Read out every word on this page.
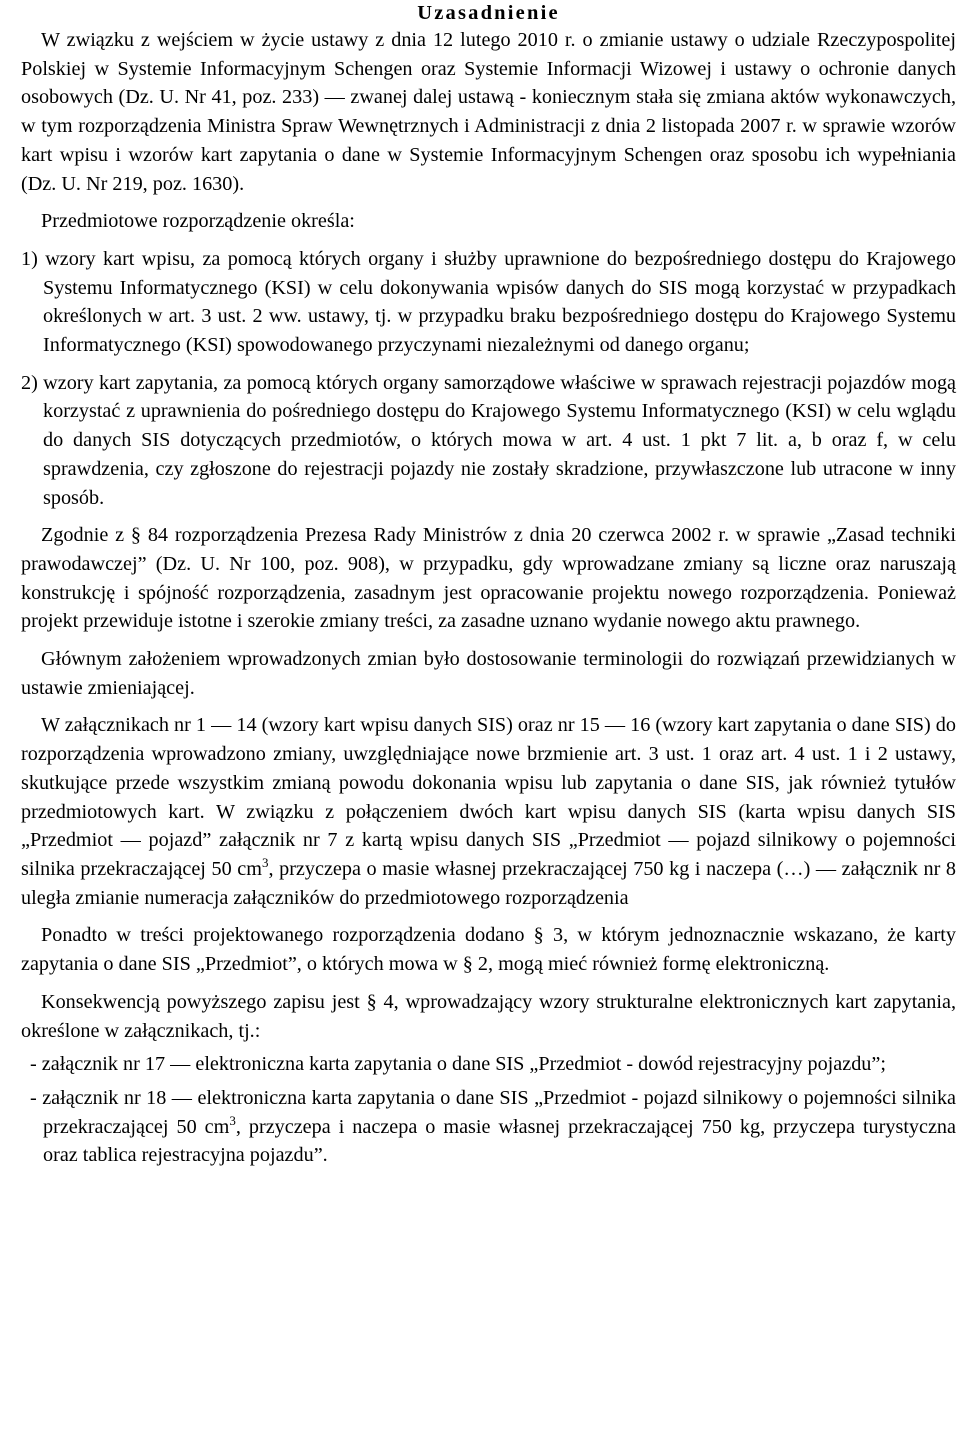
Uzasadnienie

W związku z wejściem w życie ustawy z dnia 12 lutego 2010 r. o zmianie ustawy o udziale Rzeczypospolitej Polskiej w Systemie Informacyjnym Schengen oraz Systemie Informacji Wizowej i ustawy o ochronie danych osobowych (Dz. U. Nr 41, poz. 233) ― zwanej dalej ustawą - koniecznym stała się zmiana aktów wykonawczych, w tym rozporządzenia Ministra Spraw Wewnętrznych i Administracji z dnia 2 listopada 2007 r. w sprawie wzorów kart wpisu i wzorów kart zapytania o dane w Systemie Informacyjnym Schengen oraz sposobu ich wypełniania (Dz. U. Nr 219, poz. 1630).

Przedmiotowe rozporządzenie określa:

1) wzory kart wpisu, za pomocą których organy i służby uprawnione do bezpośredniego dostępu do Krajowego Systemu Informatycznego (KSI) w celu dokonywania wpisów danych do SIS mogą korzystać w przypadkach określonych w art. 3 ust. 2 ww. ustawy, tj. w przypadku braku bezpośredniego dostępu do Krajowego Systemu Informatycznego (KSI) spowodowanego przyczynami niezależnymi od danego organu;

2) wzory kart zapytania, za pomocą których organy samorządowe właściwe w sprawach rejestracji pojazdów mogą korzystać z uprawnienia do pośredniego dostępu do Krajowego Systemu Informatycznego (KSI) w celu wglądu do danych SIS dotyczących przedmiotów, o których mowa w art. 4 ust. 1 pkt 7 lit. a, b oraz f, w celu sprawdzenia, czy zgłoszone do rejestracji pojazdy nie zostały skradzione, przywłaszczone lub utracone w inny sposób.

Zgodnie z § 84 rozporządzenia Prezesa Rady Ministrów z dnia 20 czerwca 2002 r. w sprawie „Zasad techniki prawodawczej” (Dz. U. Nr 100, poz. 908), w przypadku, gdy wprowadzane zmiany są liczne oraz naruszają konstrukcję i spójność rozporządzenia, zasadnym jest opracowanie projektu nowego rozporządzenia. Ponieważ projekt przewiduje istotne i szerokie zmiany treści, za zasadne uznano wydanie nowego aktu prawnego.

Głównym założeniem wprowadzonych zmian było dostosowanie terminologii do rozwiązań przewidzianych w ustawie zmieniającej.

W załącznikach nr 1 ― 14 (wzory kart wpisu danych SIS) oraz nr 15 ― 16 (wzory kart zapytania o dane SIS) do rozporządzenia wprowadzono zmiany, uwzględniające nowe brzmienie art. 3 ust. 1 oraz art. 4 ust. 1 i 2 ustawy, skutkujące przede wszystkim zmianą powodu dokonania wpisu lub zapytania o dane SIS, jak również tytułów przedmiotowych kart. W związku z połączeniem dwóch kart wpisu danych SIS (karta wpisu danych SIS „Przedmiot ― pojazd” załącznik nr 7 z kartą wpisu danych SIS „Przedmiot ― pojazd silnikowy o pojemności silnika przekraczającej 50 $cm^3$, przyczepa o masie własnej przekraczającej 750 kg i naczepa (…) ― załącznik nr 8 uległa zmianie numeracja załączników do przedmiotowego rozporządzenia

Ponadto w treści projektowanego rozporządzenia dodano § 3, w którym jednoznacznie wskazano, że karty zapytania o dane SIS „Przedmiot”, o których mowa w § 2, mogą mieć również formę elektroniczną.

Konsekwencją powyższego zapisu jest § 4, wprowadzający wzory strukturalne elektronicznych kart zapytania, określone w załącznikach, tj.:

- załącznik nr 17 ― elektroniczna karta zapytania o dane SIS „Przedmiot - dowód rejestracyjny pojazdu”;

- załącznik nr 18 ― elektroniczna karta zapytania o dane SIS „Przedmiot - pojazd silnikowy o pojemności silnika przekraczającej 50 $cm^3$, przyczepa i naczepa o masie własnej przekraczającej 750 kg, przyczepa turystyczna oraz tablica rejestracyjna pojazdu”.
